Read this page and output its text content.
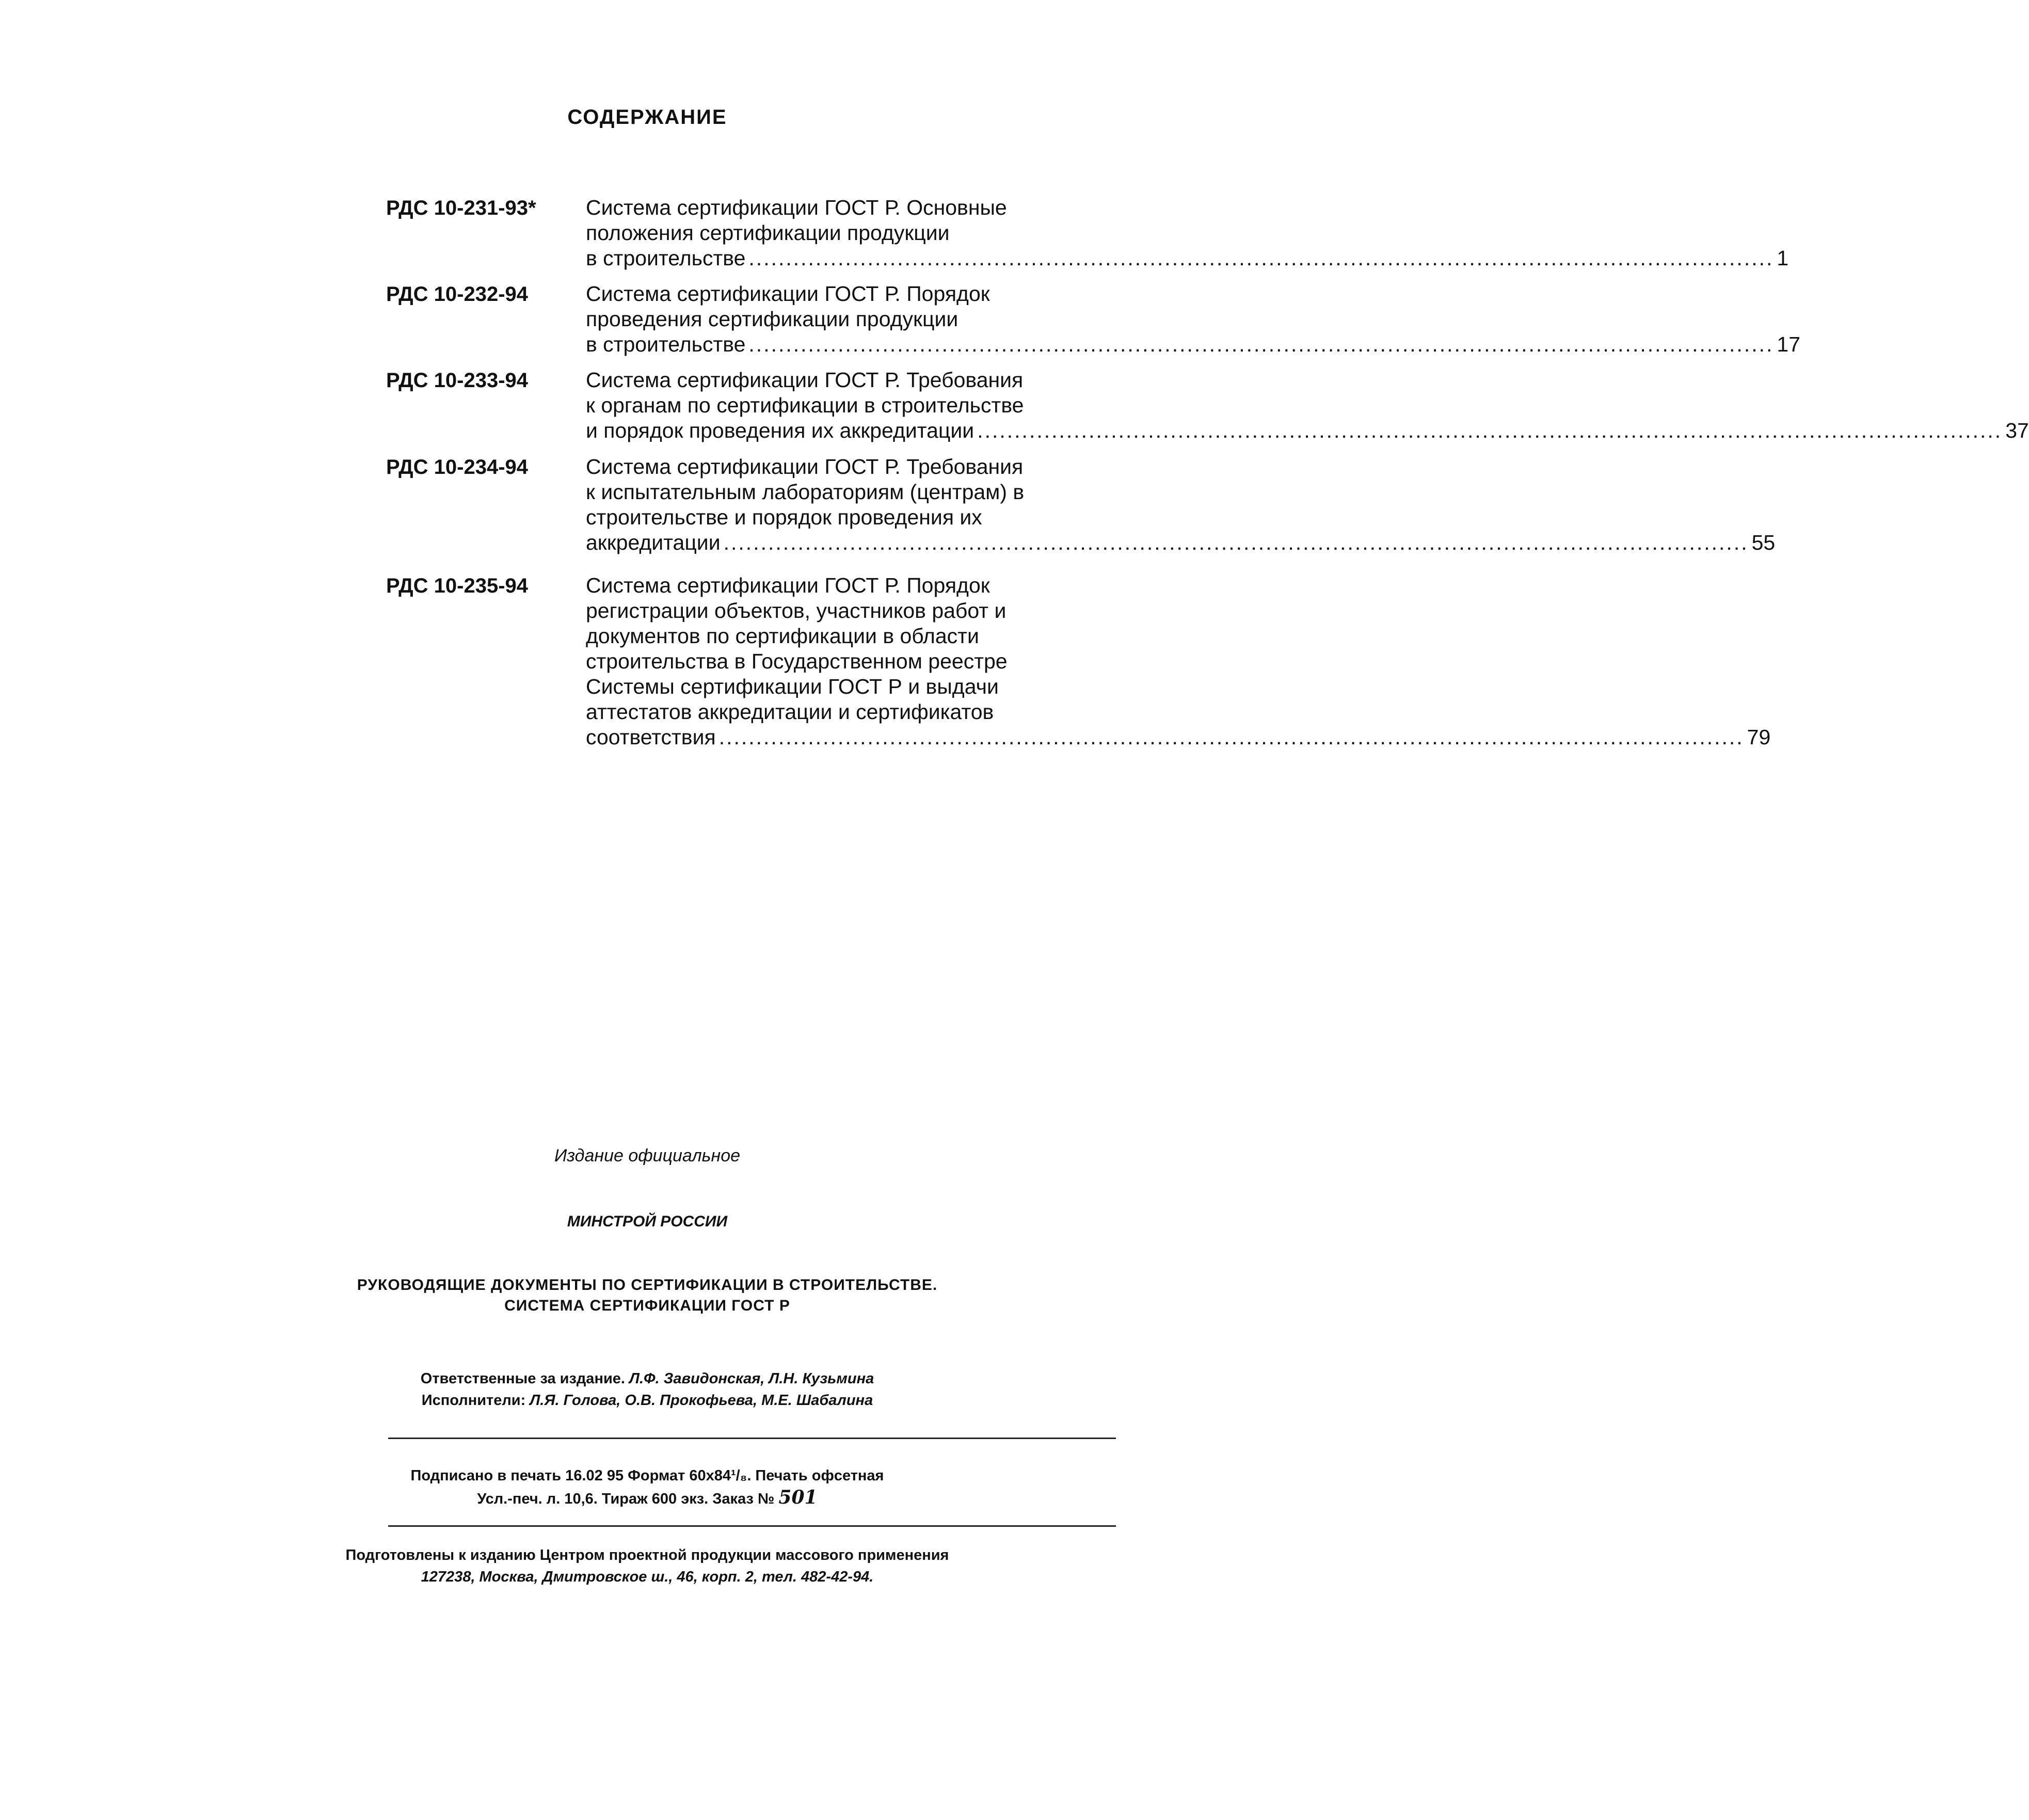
СОДЕРЖАНИЕ
РДС 10-231-93*	Система сертификации ГОСТ Р. Основные
положения сертификации продукции
в строительстве .......................................................................................................................................... 1
РДС 10-232-94	Система сертификации ГОСТ Р. Порядок
проведения сертификации продукции
в строительстве .......................................................................................................................................... 17
РДС 10-233-94	Система сертификации ГОСТ Р. Требования
к органам по сертификации в строительстве
и порядок проведения их аккредитации .......................................................................................................................................... 37
РДС 10-234-94	Система сертификации ГОСТ Р. Требования
к испытательным лабораториям (центрам) в
строительстве и порядок проведения их
аккредитации .......................................................................................................................................... 55
РДС 10-235-94	Система сертификации ГОСТ Р. Порядок
регистрации объектов, участников работ и
документов по сертификации в области
строительства в Государственном реестре
Системы сертификации ГОСТ Р и выдачи
аттестатов аккредитации и сертификатов
соответствия .......................................................................................................................................... 79
Издание официальное
МИНСТРОЙ РОССИИ
РУКОВОДЯЩИЕ ДОКУМЕНТЫ ПО СЕРТИФИКАЦИИ В СТРОИТЕЛЬСТВЕ.
СИСТЕМА СЕРТИФИКАЦИИ ГОСТ Р
Ответственные за издание. Л.Ф. Завидонская, Л.Н. Кузьмина
Исполнители: Л.Я. Голова, О.В. Прокофьева, М.Е. Шабалина
Подписано в печать 16.02 95 Формат 60х84¹/₈. Печать офсетная
Усл.-печ. л. 10,6. Тираж 600 экз. Заказ № 501
Подготовлены к изданию Центром проектной продукции массового применения
127238, Москва, Дмитровское ш., 46, корп. 2, тел. 482-42-94.
